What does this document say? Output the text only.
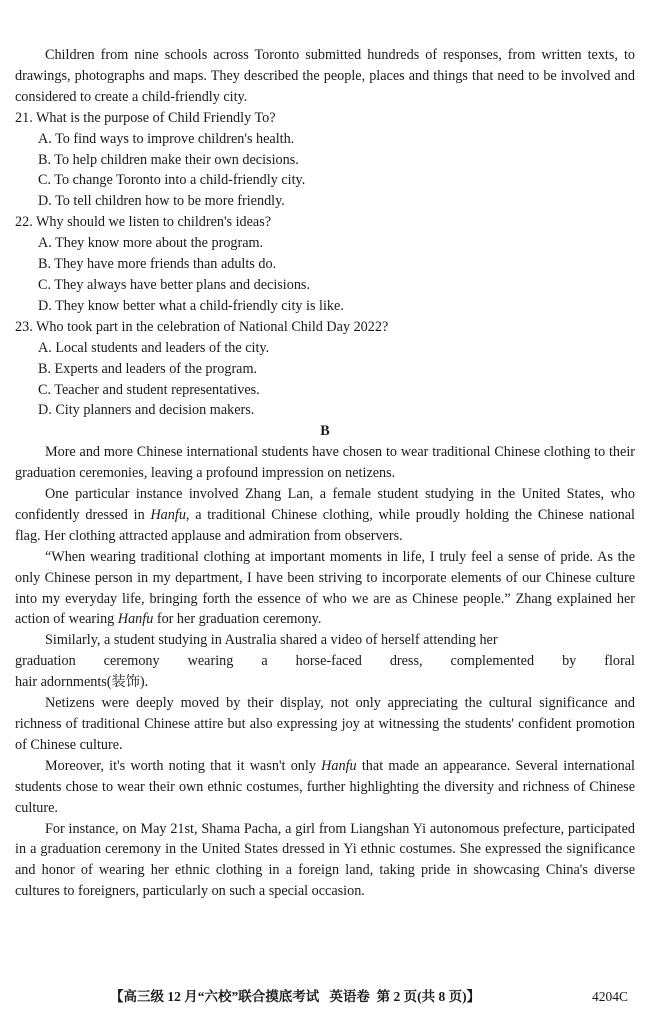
Children from nine schools across Toronto submitted hundreds of responses, from written texts, to drawings, photographs and maps. They described the people, places and things that need to be involved and considered to create a child-friendly city.

21. What is the purpose of Child Friendly To?

A. To find ways to improve children's health.

B. To help children make their own decisions.

C. To change Toronto into a child-friendly city.

D. To tell children how to be more friendly.

22. Why should we listen to children's ideas?

A. They know more about the program.

B. They have more friends than adults do.

C. They always have better plans and decisions.

D. They know better what a child-friendly city is like.

23. Who took part in the celebration of National Child Day 2022?

A. Local students and leaders of the city.

B. Experts and leaders of the program.

C. Teacher and student representatives.

D. City planners and decision makers.

B

More and more Chinese international students have chosen to wear traditional Chinese clothing to their graduation ceremonies, leaving a profound impression on netizens.

One particular instance involved Zhang Lan, a female student studying in the United States, who confidently dressed in Hanfu, a traditional Chinese clothing, while proudly holding the Chinese national flag. Her clothing attracted applause and admiration from observers.

“When wearing traditional clothing at important moments in life, I truly feel a sense of pride. As the only Chinese person in my department, I have been striving to incorporate elements of our Chinese culture into my everyday life, bringing forth the essence of who we are as Chinese people.” Zhang explained her action of wearing Hanfu for her graduation ceremony.

Similarly, a student studying in Australia shared a video of herself attending her

graduation ceremony wearing a horse-faced dress, complemented by floral

hair adornments(装饰).

Netizens were deeply moved by their display, not only appreciating the cultural significance and richness of traditional Chinese attire but also expressing joy at witnessing the students' confident promotion of Chinese culture.

Moreover, it's worth noting that it wasn't only Hanfu that made an appearance. Several international students chose to wear their own ethnic costumes, further highlighting the diversity and richness of Chinese culture.

For instance, on May 21st, Shama Pacha, a girl from Liangshan Yi autonomous prefecture, participated in a graduation ceremony in the United States dressed in Yi ethnic costumes. She expressed the significance and honor of wearing her ethnic clothing in a foreign land, taking pride in showcasing China's diverse cultures to foreigners, particularly on such a special occasion.

【高三级 12 月“六校”联合摸底考试 英语卷 第 2 页(共 8 页)】	4204C
